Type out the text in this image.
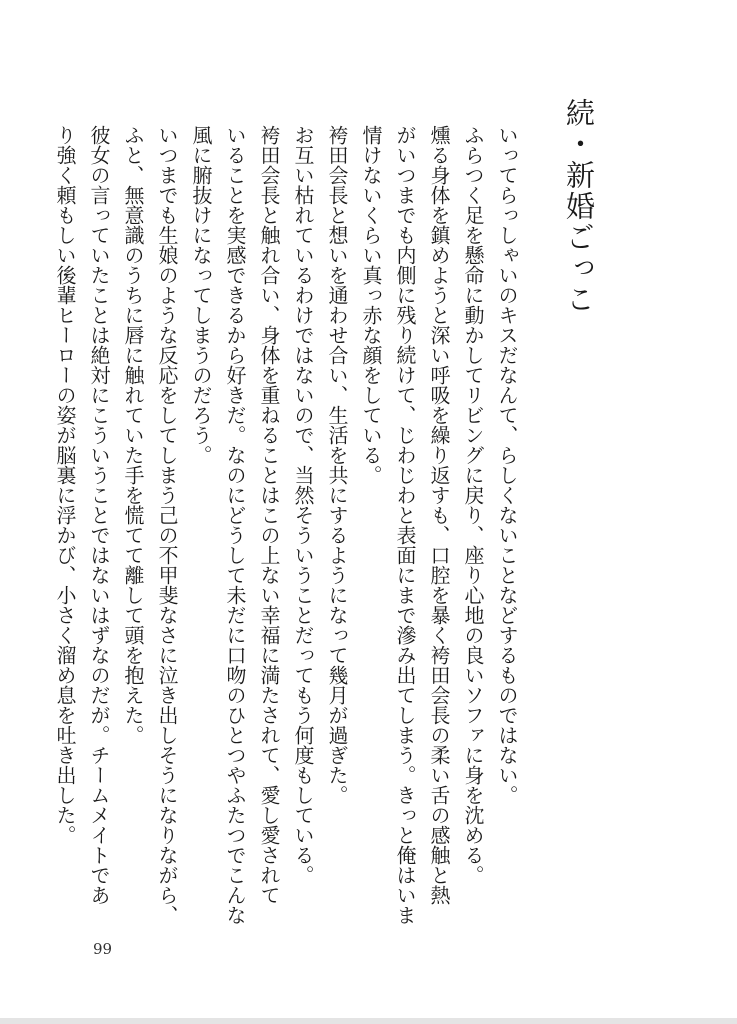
続・新婚ごっこ

いってらっしゃいのキスだなんて、らしくないことなどするものではない。

ふらつく足を懸命に動かしてリビングに戻り、座り心地の良いソファに身を沈める。

燻る身体を鎮めようと深い呼吸を繰り返すも、口腔を暴く袴田会長の柔い舌の感触と熱

がいつまでも内側に残り続けて、じわじわと表面にまで滲み出てしまう。きっと俺はいま

情けないくらい真っ赤な顔をしている。

袴田会長と想いを通わせ合い、生活を共にするようになって幾月が過ぎた。

お互い枯れているわけではないので、当然そういうことだってもう何度もしている。

袴田会長と触れ合い、身体を重ねることはこの上ない幸福に満たされて、愛し愛されて

いることを実感できるから好きだ。なのにどうして未だに口吻のひとつやふたつでこんな

風に腑抜けになってしまうのだろう。

いつまでも生娘のような反応をしてしまう己の不甲斐なさに泣き出しそうになりながら、

ふと、無意識のうちに唇に触れていた手を慌てて離して頭を抱えた。

彼女の言っていたことは絶対にこういうことではないはずなのだが。チームメイトであ

り強く頼もしい後輩ヒーローの姿が脳裏に浮かび、小さく溜め息を吐き出した。

99
